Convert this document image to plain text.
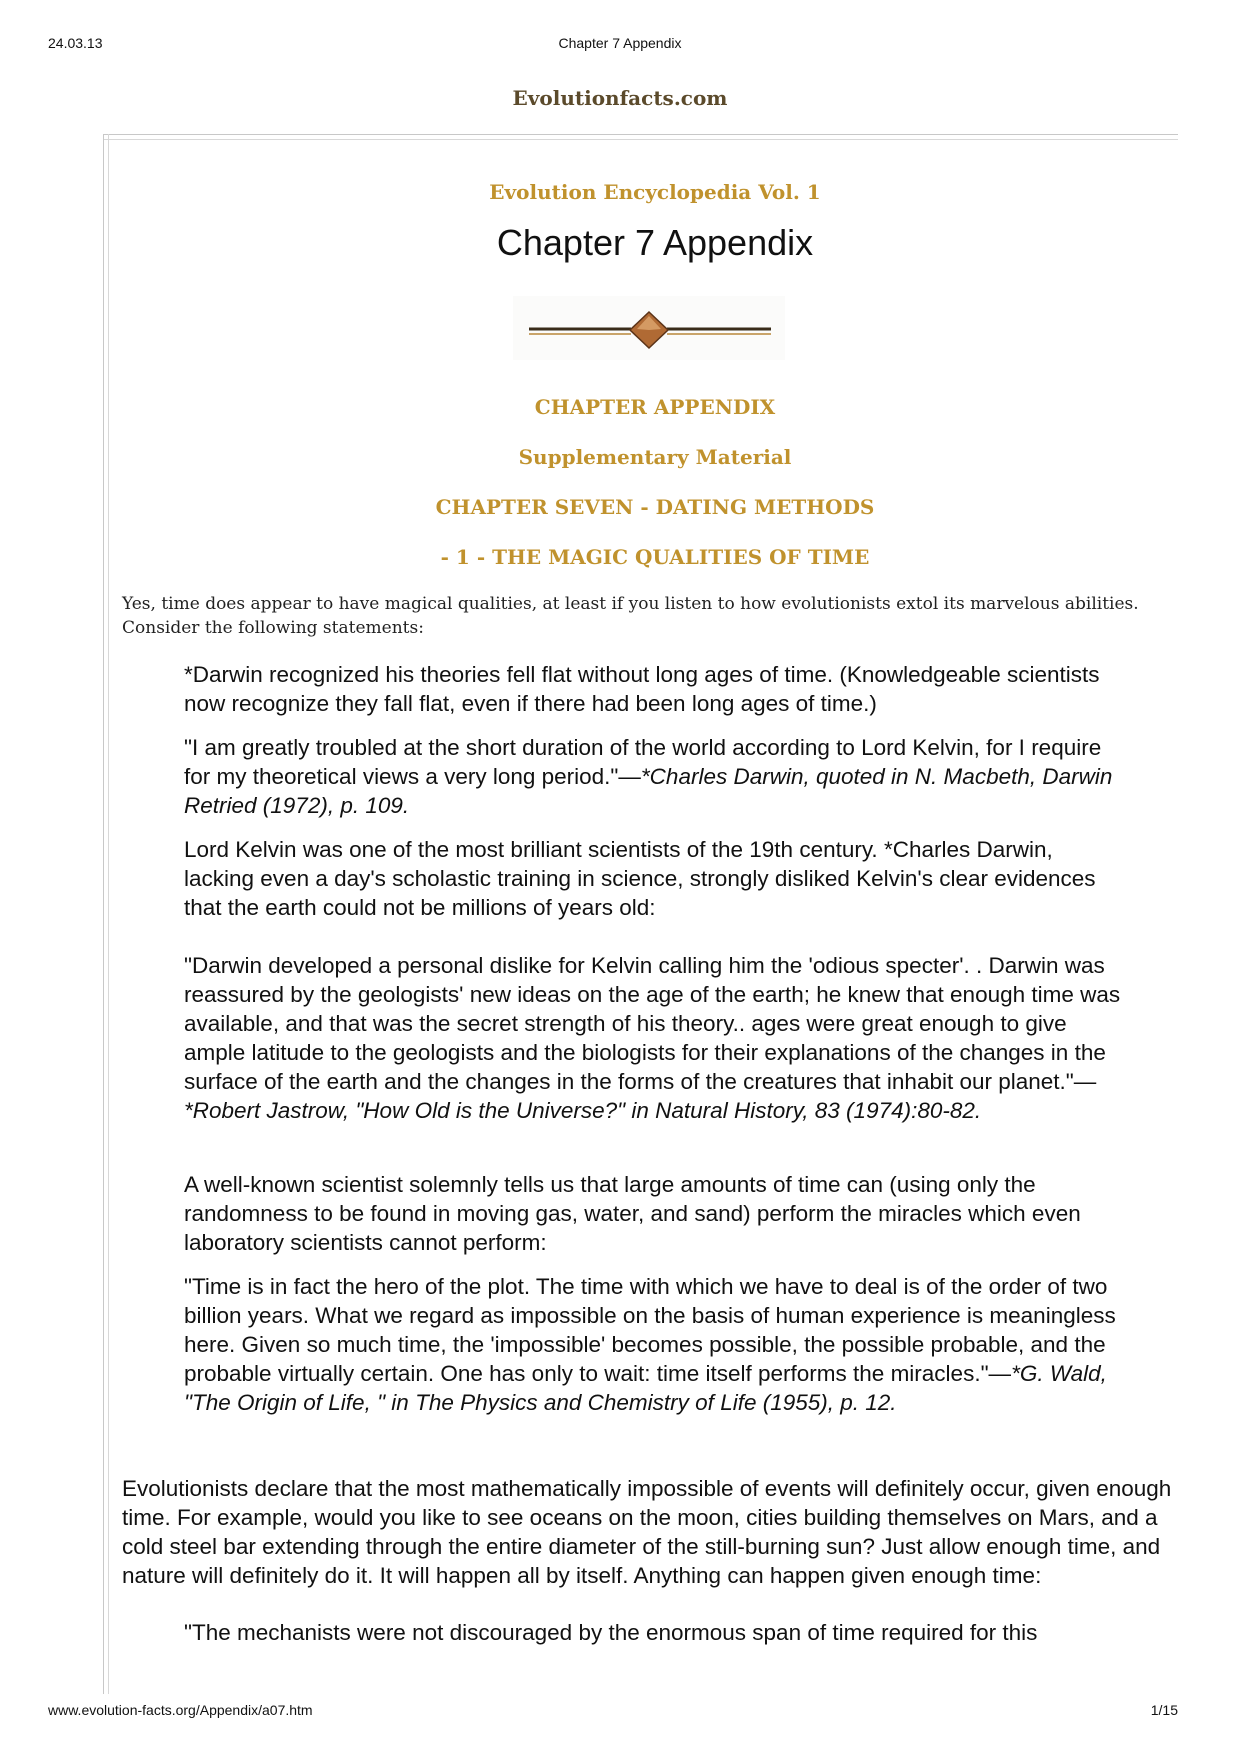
24.03.13	Chapter 7 Appendix
Evolutionfacts.com
Evolution Encyclopedia Vol. 1
Chapter 7 Appendix
CHAPTER APPENDIX
Supplementary Material
CHAPTER SEVEN - DATING METHODS
- 1 - THE MAGIC QUALITIES OF TIME
Yes, time does appear to have magical qualities, at least if you listen to how evolutionists extol its marvelous abilities. Consider the following statements:
*Darwin recognized his theories fell flat without long ages of time. (Knowledgeable scientists now recognize they fall flat, even if there had been long ages of time.)
"I am greatly troubled at the short duration of the world according to Lord Kelvin, for I require for my theoretical views a very long period."—*Charles Darwin, quoted in N. Macbeth, Darwin Retried (1972), p. 109.
Lord Kelvin was one of the most brilliant scientists of the 19th century. *Charles Darwin, lacking even a day's scholastic training in science, strongly disliked Kelvin's clear evidences that the earth could not be millions of years old:
"Darwin developed a personal dislike for Kelvin calling him the 'odious specter'. . Darwin was reassured by the geologists' new ideas on the age of the earth; he knew that enough time was available, and that was the secret strength of his theory.. ages were great enough to give ample latitude to the geologists and the biologists for their explanations of the changes in the surface of the earth and the changes in the forms of the creatures that inhabit our planet."—*Robert Jastrow, "How Old is the Universe?" in Natural History, 83 (1974):80-82.
A well-known scientist solemnly tells us that large amounts of time can (using only the randomness to be found in moving gas, water, and sand) perform the miracles which even laboratory scientists cannot perform:
"Time is in fact the hero of the plot. The time with which we have to deal is of the order of two billion years. What we regard as impossible on the basis of human experience is meaningless here. Given so much time, the 'impossible' becomes possible, the possible probable, and the probable virtually certain. One has only to wait: time itself performs the miracles."—*G. Wald, "The Origin of Life, " in The Physics and Chemistry of Life (1955), p. 12.
Evolutionists declare that the most mathematically impossible of events will definitely occur, given enough time. For example, would you like to see oceans on the moon, cities building themselves on Mars, and a cold steel bar extending through the entire diameter of the still-burning sun? Just allow enough time, and nature will definitely do it. It will happen all by itself. Anything can happen given enough time:
"The mechanists were not discouraged by the enormous span of time required for this
www.evolution-facts.org/Appendix/a07.htm	1/15
